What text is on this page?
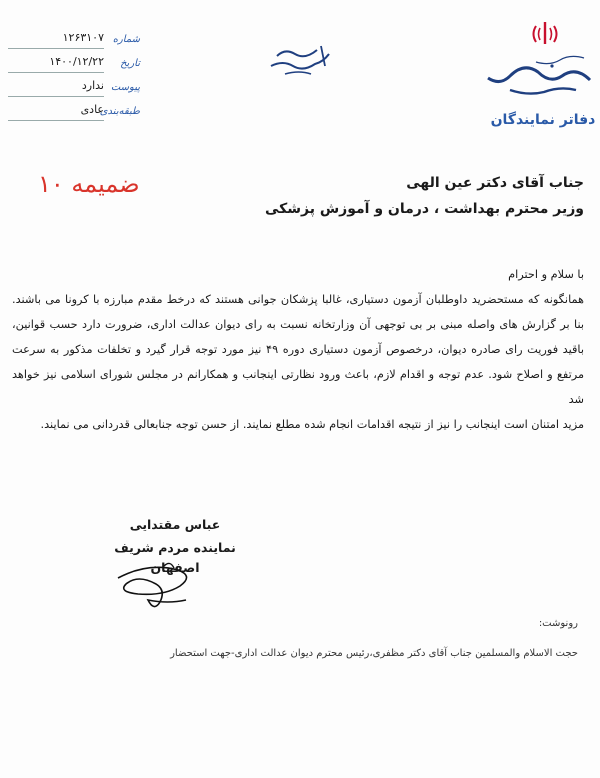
شماره
۱۲۶۳۱۰۷
تاریخ
۱۴۰۰/۱۲/۲۲
پیوست
ندارد
طبقه‌بندی
عادی
دفاتر نمایندگان
ضمیمه ۱۰	جناب آقای دکتر عین الهی
وزیر محترم بهداشت ، درمان و آموزش پزشکی

با سلام و احترام

همانگونه که مستحضرید داوطلبان آزمون دستیاری، غالبا پزشکان جوانی هستند که درخط مقدم مبارزه با کرونا می باشند. بنا بر گزارش های واصله مبنی بر بی توجهی آن وزارتخانه نسبت به رای دیوان عدالت اداری، ضرورت دارد حسب قوانین، باقید فوریت رای صادره دیوان، درخصوص آزمون دستیاری دوره ۴۹ نیز مورد توجه قرار گیرد و تخلفات مذکور به سرعت مرتفع و اصلاح شود. عدم توجه و اقدام لازم، باعث ورود نظارتی اینجانب و همکارانم در مجلس شورای اسلامی نیز خواهد شد

مزید امتنان است اینجانب را نیز از نتیجه اقدامات انجام شده مطلع نمایند. از حسن توجه جنابعالی قدردانی می نمایند.

عباس مقتدایی
نماینده مردم شریف اصفهان
رونوشت:
حجت الاسلام والمسلمین جناب آقای دکتر مظفری،رئیس محترم دیوان عدالت اداری-جهت استحضار
